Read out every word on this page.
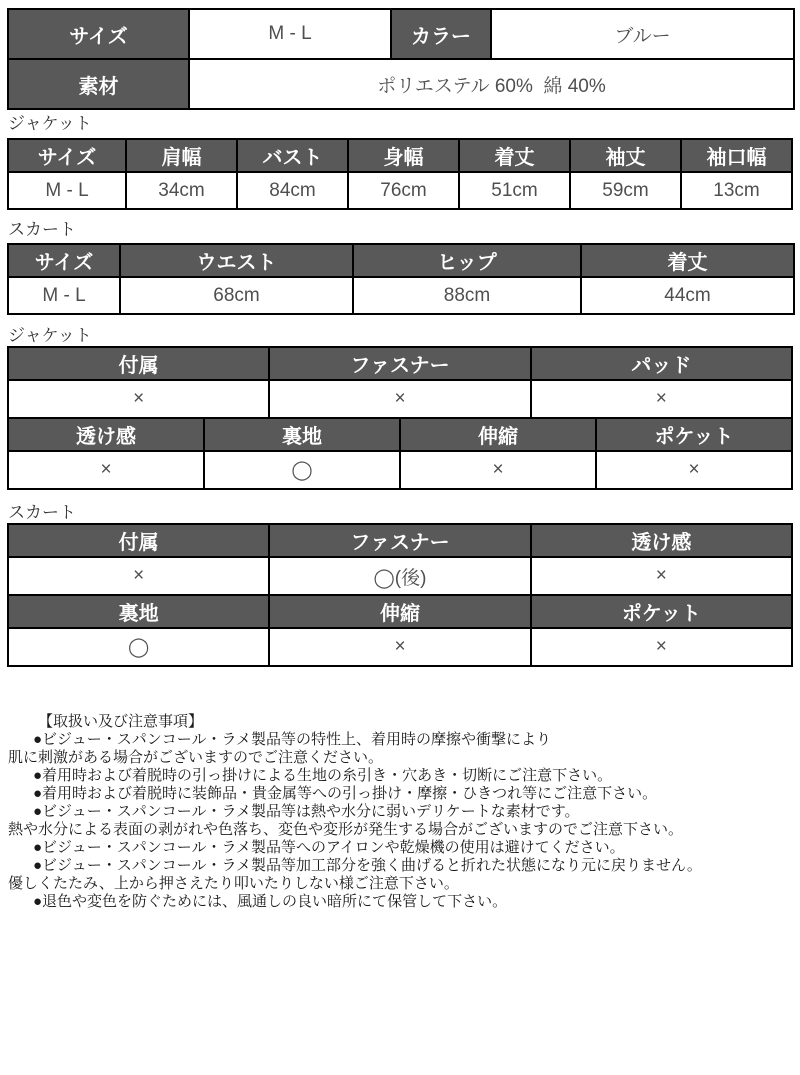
サイズ	M - L	カラー	ブルー
素材	ポリエステル 60%  綿 40%		
ジャケット
サイズ	肩幅	バスト	身幅	着丈	袖丈	袖口幅
M - L	34cm	84cm	76cm	51cm	59cm	13cm
スカート
サイズ	ウエスト	ヒップ	着丈
M - L	68cm	88cm	44cm
ジャケット
付属	ファスナー	パッド
×	×	×
透け感	裏地	伸縮	ポケット
×	◯	×	×
スカート
付属	ファスナー	透け感
×	◯(後)	×
裏地	伸縮	ポケット
◯	×	×
【取扱い及び注意事項】
●ビジュー・スパンコール・ラメ製品等の特性上、着用時の摩擦や衝撃により
肌に刺激がある場合がございますのでご注意ください。
●着用時および着脱時の引っ掛けによる生地の糸引き・穴あき・切断にご注意下さい。
●着用時および着脱時に装飾品・貴金属等への引っ掛け・摩擦・ひきつれ等にご注意下さい。
●ビジュー・スパンコール・ラメ製品等は熱や水分に弱いデリケートな素材です。
熱や水分による表面の剥がれや色落ち、変色や変形が発生する場合がございますのでご注意下さい。
●ビジュー・スパンコール・ラメ製品等へのアイロンや乾燥機の使用は避けてください。
●ビジュー・スパンコール・ラメ製品等加工部分を強く曲げると折れた状態になり元に戻りません。
優しくたたみ、上から押さえたり叩いたりしない様ご注意下さい。
●退色や変色を防ぐためには、風通しの良い暗所にて保管して下さい。
